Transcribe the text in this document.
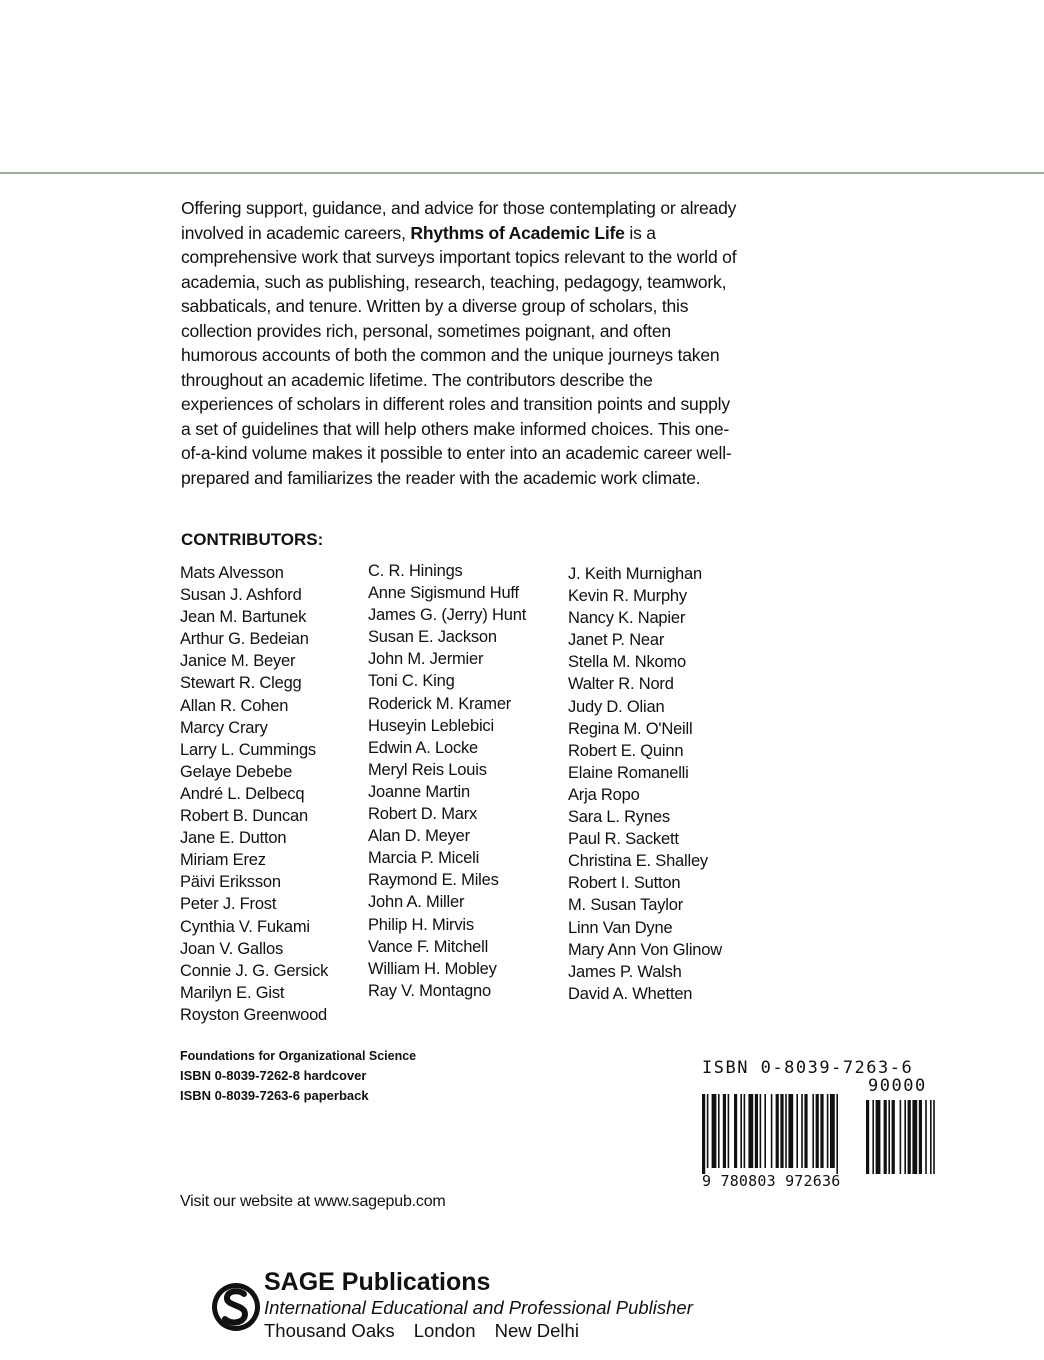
Offering support, guidance, and advice for those contemplating or already involved in academic careers, Rhythms of Academic Life is a comprehensive work that surveys important topics relevant to the world of academia, such as publishing, research, teaching, pedagogy, teamwork, sabbaticals, and tenure. Written by a diverse group of scholars, this collection provides rich, personal, sometimes poignant, and often humorous accounts of both the common and the unique journeys taken throughout an academic lifetime. The contributors describe the experiences of scholars in different roles and transition points and supply a set of guidelines that will help others make informed choices. This one-of-a-kind volume makes it possible to enter into an academic career well-prepared and familiarizes the reader with the academic work climate.

CONTRIBUTORS:
Mats Alvesson
Susan J. Ashford
Jean M. Bartunek
Arthur G. Bedeian
Janice M. Beyer
Stewart R. Clegg
Allan R. Cohen
Marcy Crary
Larry L. Cummings
Gelaye Debebe
André L. Delbecq
Robert B. Duncan
Jane E. Dutton
Miriam Erez
Päivi Eriksson
Peter J. Frost
Cynthia V. Fukami
Joan V. Gallos
Connie J. G. Gersick
Marilyn E. Gist
Royston Greenwood
C. R. Hinings
Anne Sigismund Huff
James G. (Jerry) Hunt
Susan E. Jackson
John M. Jermier
Toni C. King
Roderick M. Kramer
Huseyin Leblebici
Edwin A. Locke
Meryl Reis Louis
Joanne Martin
Robert D. Marx
Alan D. Meyer
Marcia P. Miceli
Raymond E. Miles
John A. Miller
Philip H. Mirvis
Vance F. Mitchell
William H. Mobley
Ray V. Montagno
J. Keith Murnighan
Kevin R. Murphy
Nancy K. Napier
Janet P. Near
Stella M. Nkomo
Walter R. Nord
Judy D. Olian
Regina M. O'Neill
Robert E. Quinn
Elaine Romanelli
Arja Ropo
Sara L. Rynes
Paul R. Sackett
Christina E. Shalley
Robert I. Sutton
M. Susan Taylor
Linn Van Dyne
Mary Ann Von Glinow
James P. Walsh
David A. Whetten
Foundations for Organizational Science
ISBN 0-8039-7262-8 hardcover
ISBN 0-8039-7263-6 paperback
Visit our website at www.sagepub.com
ISBN 0-8039-7263-6
90000
9 780803 972636
SAGE Publications
International Educational and Professional Publisher
Thousand Oaks London New Delhi
